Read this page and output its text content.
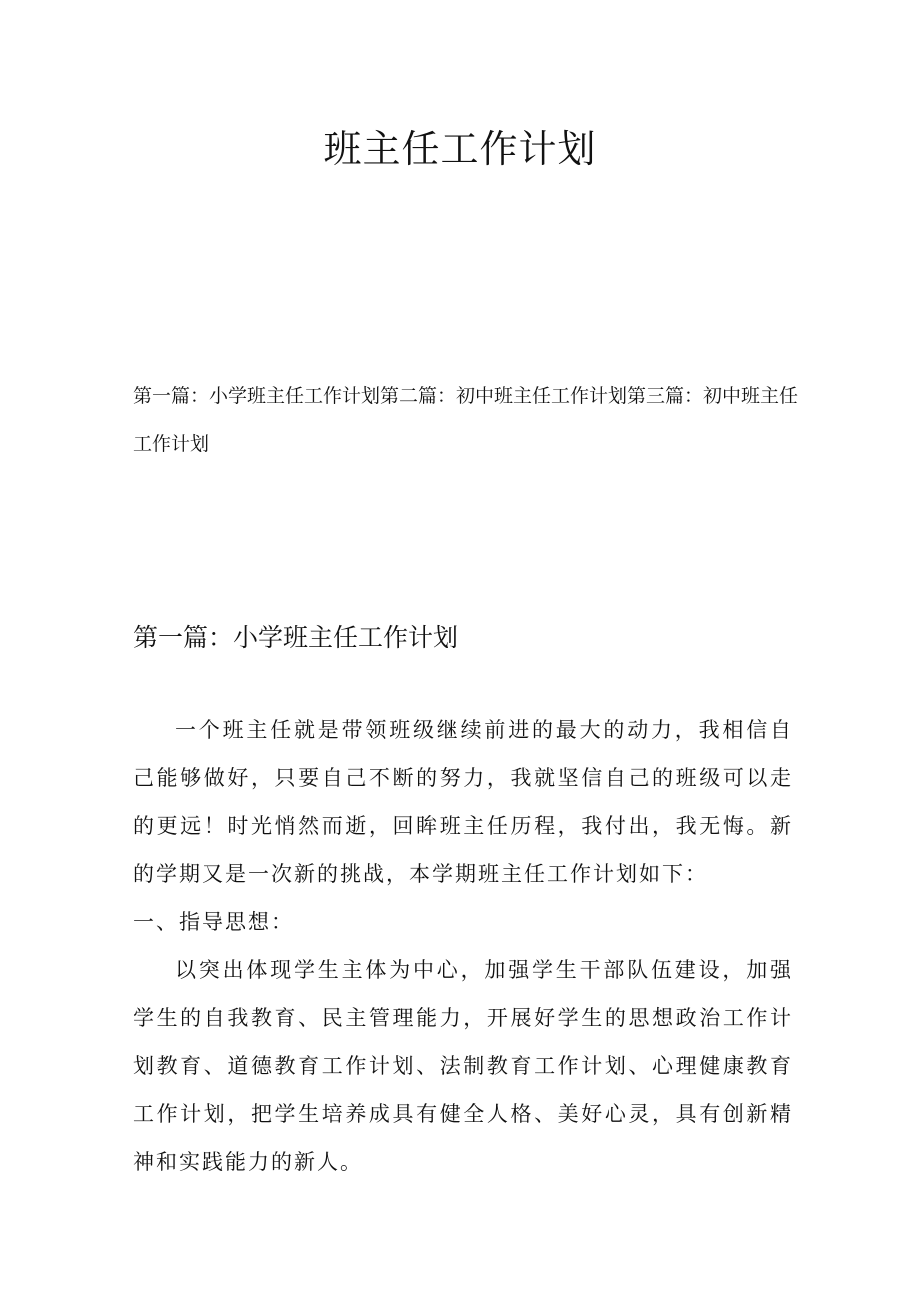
班主任工作计划

第一篇：小学班主任工作计划第二篇：初中班主任工作计划第三篇：初中班主任工作计划

第一篇：小学班主任工作计划

一个班主任就是带领班级继续前进的最大的动力，我相信自己能够做好，只要自己不断的努力，我就坚信自己的班级可以走的更远！时光悄然而逝，回眸班主任历程，我付出，我无悔。新的学期又是一次新的挑战，本学期班主任工作计划如下：

一、指导思想：

以突出体现学生主体为中心，加强学生干部队伍建设，加强学生的自我教育、民主管理能力，开展好学生的思想政治工作计划教育、道德教育工作计划、法制教育工作计划、心理健康教育工作计划，把学生培养成具有健全人格、美好心灵，具有创新精神和实践能力的新人。
